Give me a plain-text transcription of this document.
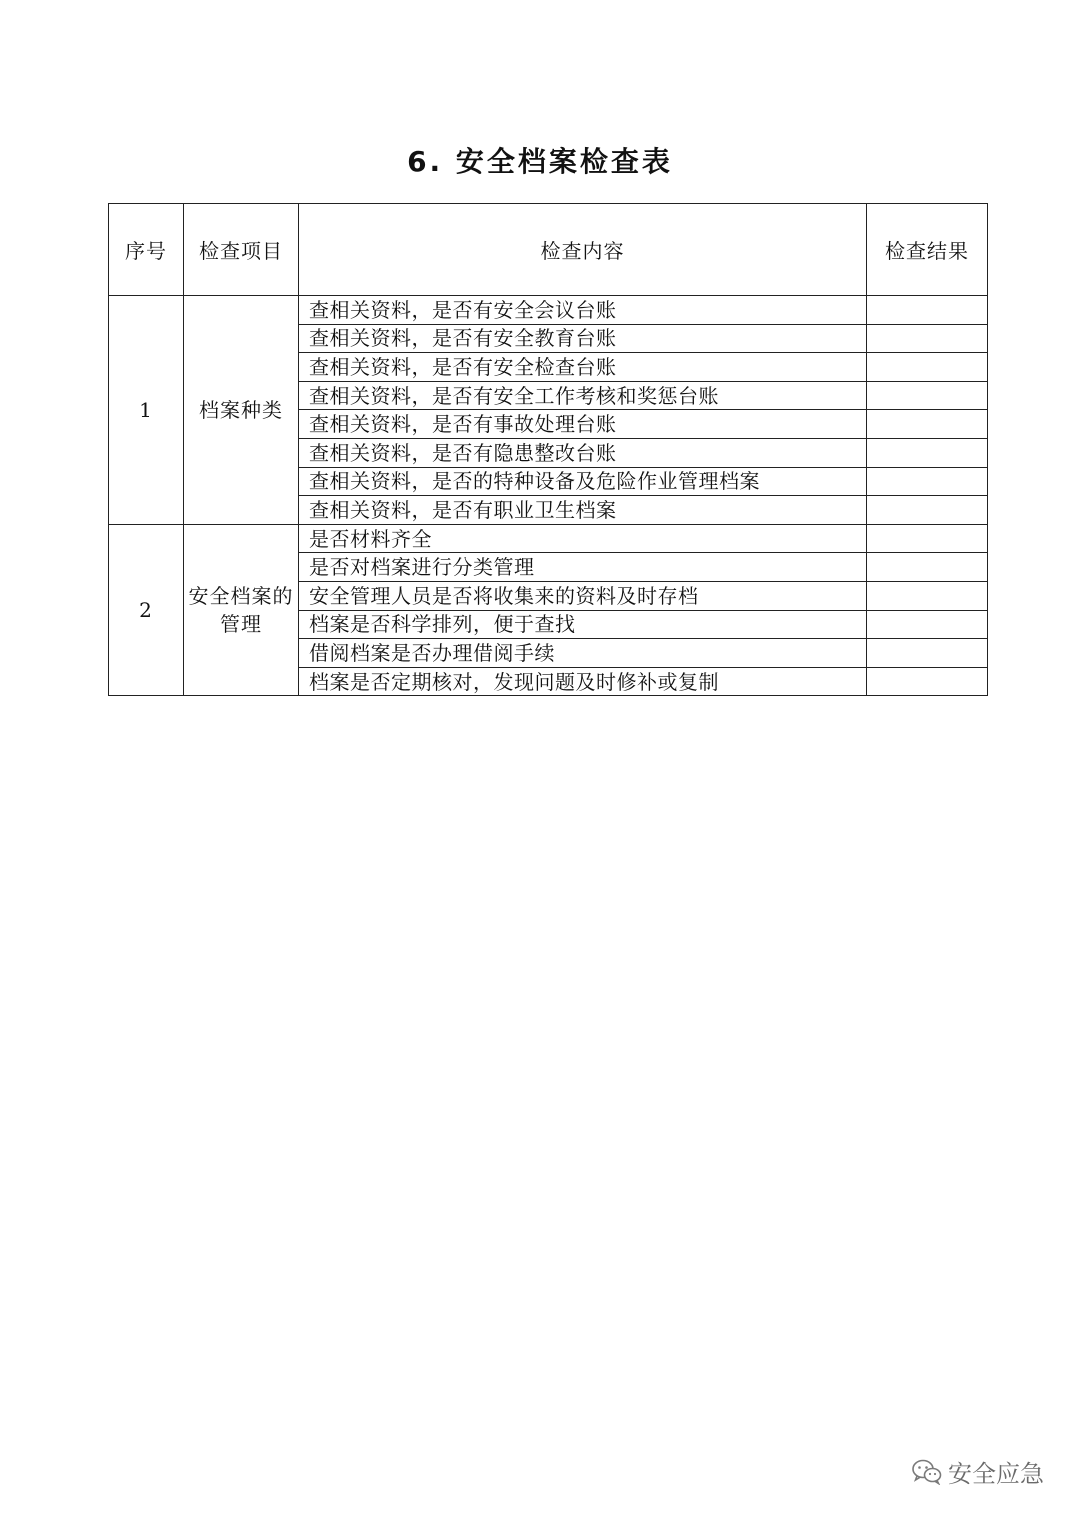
6. 安全档案检查表
序号	检查项目	检查内容	检查结果
1	档案种类	查相关资料，是否有安全会议台账	
		查相关资料，是否有安全教育台账	
		查相关资料，是否有安全检查台账	
		查相关资料，是否有安全工作考核和奖惩台账	
		查相关资料，是否有事故处理台账	
		查相关资料，是否有隐患整改台账	
		查相关资料，是否的特种设备及危险作业管理档案	
		查相关资料，是否有职业卫生档案	
2	安全档案的管理	是否材料齐全	
		是否对档案进行分类管理	
		安全管理人员是否将收集来的资料及时存档	
		档案是否科学排列，便于查找	
		借阅档案是否办理借阅手续	
		档案是否定期核对，发现问题及时修补或复制	
安全应急
